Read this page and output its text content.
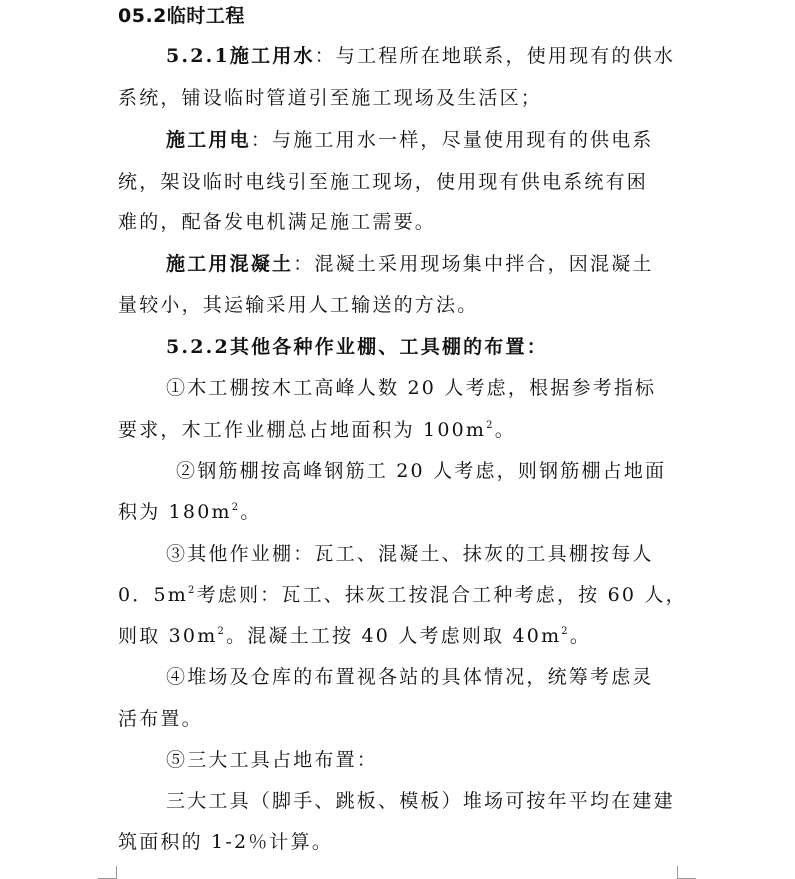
05.2临时工程
5.2.1施工用水：与工程所在地联系，使用现有的供水
系统，铺设临时管道引至施工现场及生活区；
施工用电：与施工用水一样，尽量使用现有的供电系
统，架设临时电线引至施工现场，使用现有供电系统有困
难的，配备发电机满足施工需要。
施工用混凝土：混凝土采用现场集中拌合，因混凝土
量较小，其运输采用人工输送的方法。
5.2.2其他各种作业棚、工具棚的布置：
①木工棚按木工高峰人数 20 人考虑，根据参考指标
要求，木工作业棚总占地面积为 $100m^2$。
②钢筋棚按高峰钢筋工 20 人考虑，则钢筋棚占地面
积为 $180m^2$。
③其他作业棚：瓦工、混凝土、抹灰的工具棚按每人
0．$5m^2$考虑则：瓦工、抹灰工按混合工种考虑，按 60 人，
则取 $30m^2$。混凝土工按 40 人考虑则取 $40m^2$。
④堆场及仓库的布置视各站的具体情况，统筹考虑灵
活布置。
⑤三大工具占地布置：
三大工具（脚手、跳板、模板）堆场可按年平均在建建
筑面积的 1-2％计算。
